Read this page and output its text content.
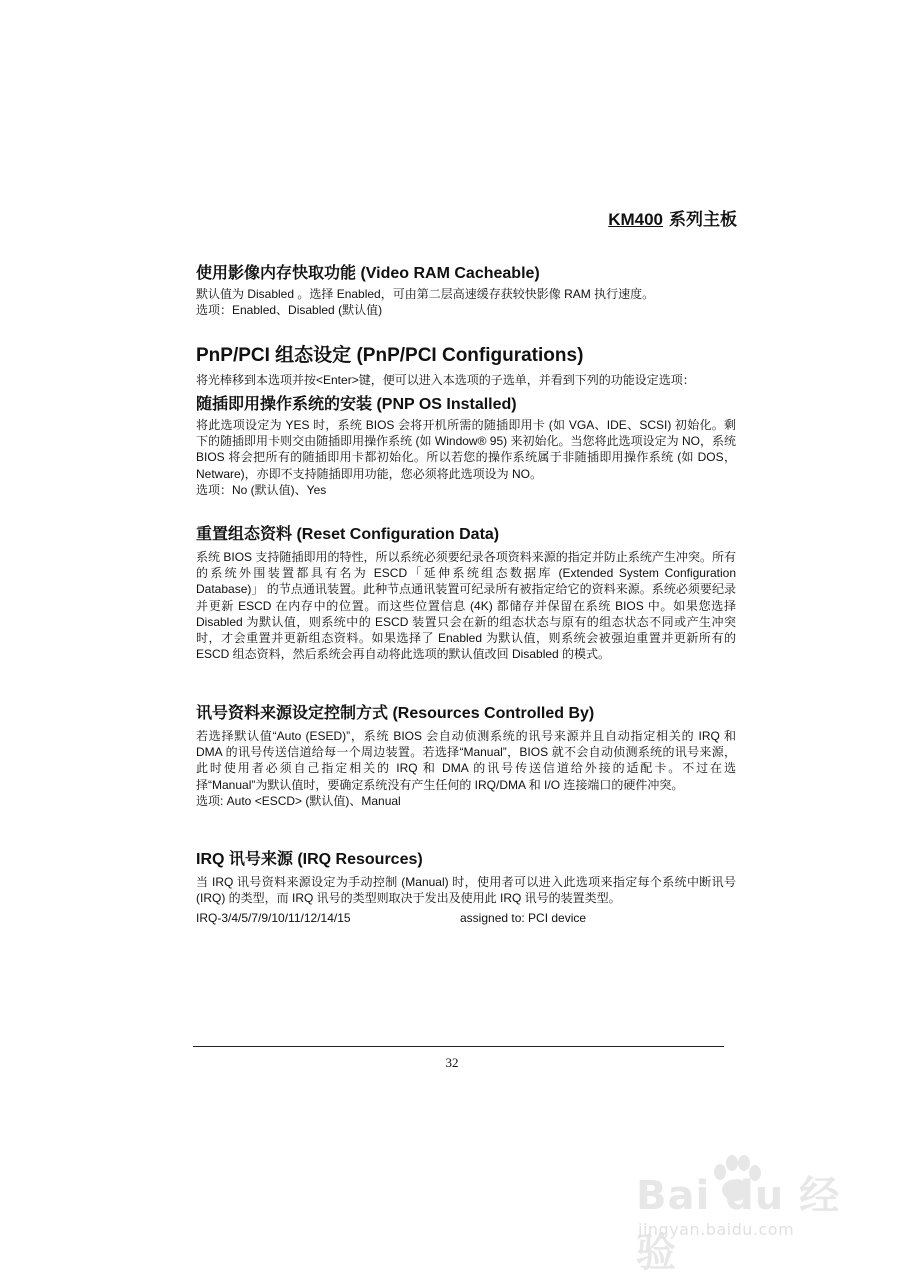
KM400 系列主板
使用影像内存快取功能 (Video RAM Cacheable)

默认值为 Disabled 。选择 Enabled，可由第二层高速缓存获较快影像 RAM 执行速度。

选项：Enabled、Disabled (默认值)

PnP/PCI 组态设定 (PnP/PCI Configurations)

将光棒移到本选项并按<Enter>键，便可以进入本选项的子选单，并看到下列的功能设定选项：

随插即用操作系统的安装 (PNP OS Installed)

将此选项设定为 YES 时，系统 BIOS 会将开机所需的随插即用卡 (如 VGA、IDE、SCSI) 初始化。剩下的随插即用卡则交由随插即用操作系统 (如 Window® 95) 来初始化。当您将此选项设定为 NO，系统 BIOS 将会把所有的随插即用卡都初始化。所以若您的操作系统属于非随插即用操作系统 (如 DOS，Netware)，亦即不支持随插即用功能，您必须将此选项设为 NO。

选项：No (默认值)、Yes

重置组态资料 (Reset Configuration Data)

系统 BIOS 支持随插即用的特性，所以系统必须要纪录各项资料来源的指定并防止系统产生冲突。所有的系统外围装置都具有名为 ESCD「延伸系统组态数据库 (Extended System Configuration Database)」 的节点通讯装置。此种节点通讯装置可纪录所有被指定给它的资料来源。系统必须要纪录并更新 ESCD 在内存中的位置。而这些位置信息 (4K) 都储存并保留在系统 BIOS 中。如果您选择 Disabled 为默认值，则系统中的 ESCD 装置只会在新的组态状态与原有的组态状态不同或产生冲突时，才会重置并更新组态资料。如果选择了 Enabled 为默认值，则系统会被强迫重置并更新所有的 ESCD 组态资料，然后系统会再自动将此选项的默认值改回 Disabled 的模式。

讯号资料来源设定控制方式 (Resources Controlled By)

若选择默认值“Auto (ESED)”，系统 BIOS 会自动侦测系统的讯号来源并且自动指定相关的 IRQ 和 DMA 的讯号传送信道给每一个周边装置。若选择“Manual”，BIOS 就不会自动侦测系统的讯号来源，此时使用者必须自己指定相关的 IRQ 和 DMA 的讯号传送信道给外接的适配卡。不过在选择“Manual”为默认值时，要确定系统没有产生任何的 IRQ/DMA 和 I/O 连接端口的硬件冲突。

选项: Auto <ESCD> (默认值)、Manual

IRQ 讯号来源 (IRQ Resources)

当 IRQ 讯号资料来源设定为手动控制 (Manual) 时，使用者可以进入此选项来指定每个系统中断讯号 (IRQ) 的类型，而 IRQ 讯号的类型则取决于发出及使用此 IRQ 讯号的装置类型。

IRQ-3/4/5/7/9/10/11/12/14/15	assigned to: PCI device
32
Bai du 经验
jingyan.baidu.com
